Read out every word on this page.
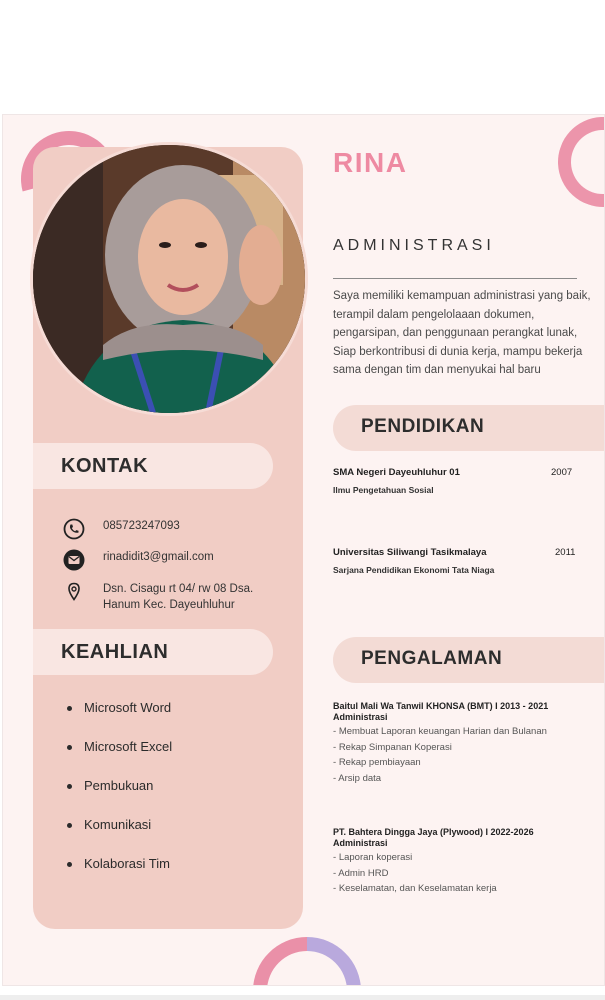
KONTAK
085723247093
rinadidit3@gmail.com
Dsn. Cisagu rt 04/ rw 08 Dsa.
Hanum Kec. Dayeuhluhur
KEAHLIAN
Microsoft Word
Microsoft Excel
Pembukuan
Komunikasi
Kolaborasi Tim
RINA
ADMINISTRASI
Saya memiliki kemampuan administrasi yang baik, terampil dalam pengelolaaan dokumen, pengarsipan, dan penggunaan perangkat lunak, Siap berkontribusi di dunia kerja, mampu bekerja sama dengan tim dan menyukai hal baru
PENDIDIKAN
SMA Negeri Dayeuhluhur 01	2007
Ilmu Pengetahuan Sosial
Universitas Siliwangi Tasikmalaya	2011
Sarjana Pendidikan Ekonomi Tata Niaga
PENGALAMAN
Baitul Mali Wa Tanwil KHONSA (BMT) I 2013 - 2021
Administrasi
- Membuat Laporan keuangan Harian dan Bulanan
- Rekap Simpanan Koperasi
- Rekap pembiayaan
- Arsip data
PT. Bahtera Dingga Jaya (Plywood) I 2022-2026
Administrasi
- Laporan koperasi
- Admin HRD
- Keselamatan, dan Keselamatan kerja
